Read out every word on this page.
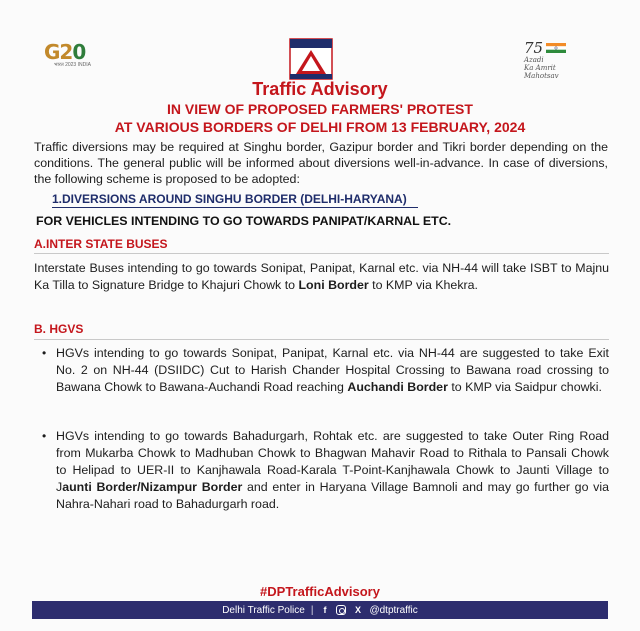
G20
भारत 2023 INDIA
75
Azadi
Ka Amrit Mahotsav
Traffic Advisory
IN VIEW OF PROPOSED FARMERS' PROTEST
AT VARIOUS BORDERS OF DELHI FROM 13 FEBRUARY, 2024
Traffic diversions may be required at Singhu border, Gazipur border and Tikri border depending on the conditions. The general public will be informed about diversions well-in-advance. In case of diversions, the following scheme is proposed to be adopted:
1.DIVERSIONS AROUND SINGHU BORDER (DELHI-HARYANA)
FOR VEHICLES INTENDING TO GO TOWARDS PANIPAT/KARNAL ETC.
A.INTER STATE BUSES
Interstate Buses intending to go towards Sonipat, Panipat, Karnal etc. via NH-44 will take ISBT to Majnu Ka Tilla to Signature Bridge to Khajuri Chowk to Loni Border to KMP via Khekra.
B. HGVS
• HGVs intending to go towards Sonipat, Panipat, Karnal etc. via NH-44 are suggested to take Exit No. 2 on NH-44 (DSIIDC) Cut to Harish Chander Hospital Crossing to Bawana road crossing to Bawana Chowk to Bawana-Auchandi Road reaching Auchandi Border to KMP via Saidpur chowki.
• HGVs intending to go towards Bahadurgarh, Rohtak etc. are suggested to take Outer Ring Road from Mukarba Chowk to Madhuban Chowk to Bhagwan Mahavir Road to Rithala to Pansali Chowk to Helipad to UER-II to Kanjhawala Road-Karala T-Point-Kanjhawala Chowk to Jaunti Village to Jaunti Border/Nizampur Border and enter in Haryana Village Bamnoli and may go further go via Nahra-Nahari road to Bahadurgarh road.
#DPTrafficAdvisory
Delhi Traffic Police |	f	X @dtptraffic
